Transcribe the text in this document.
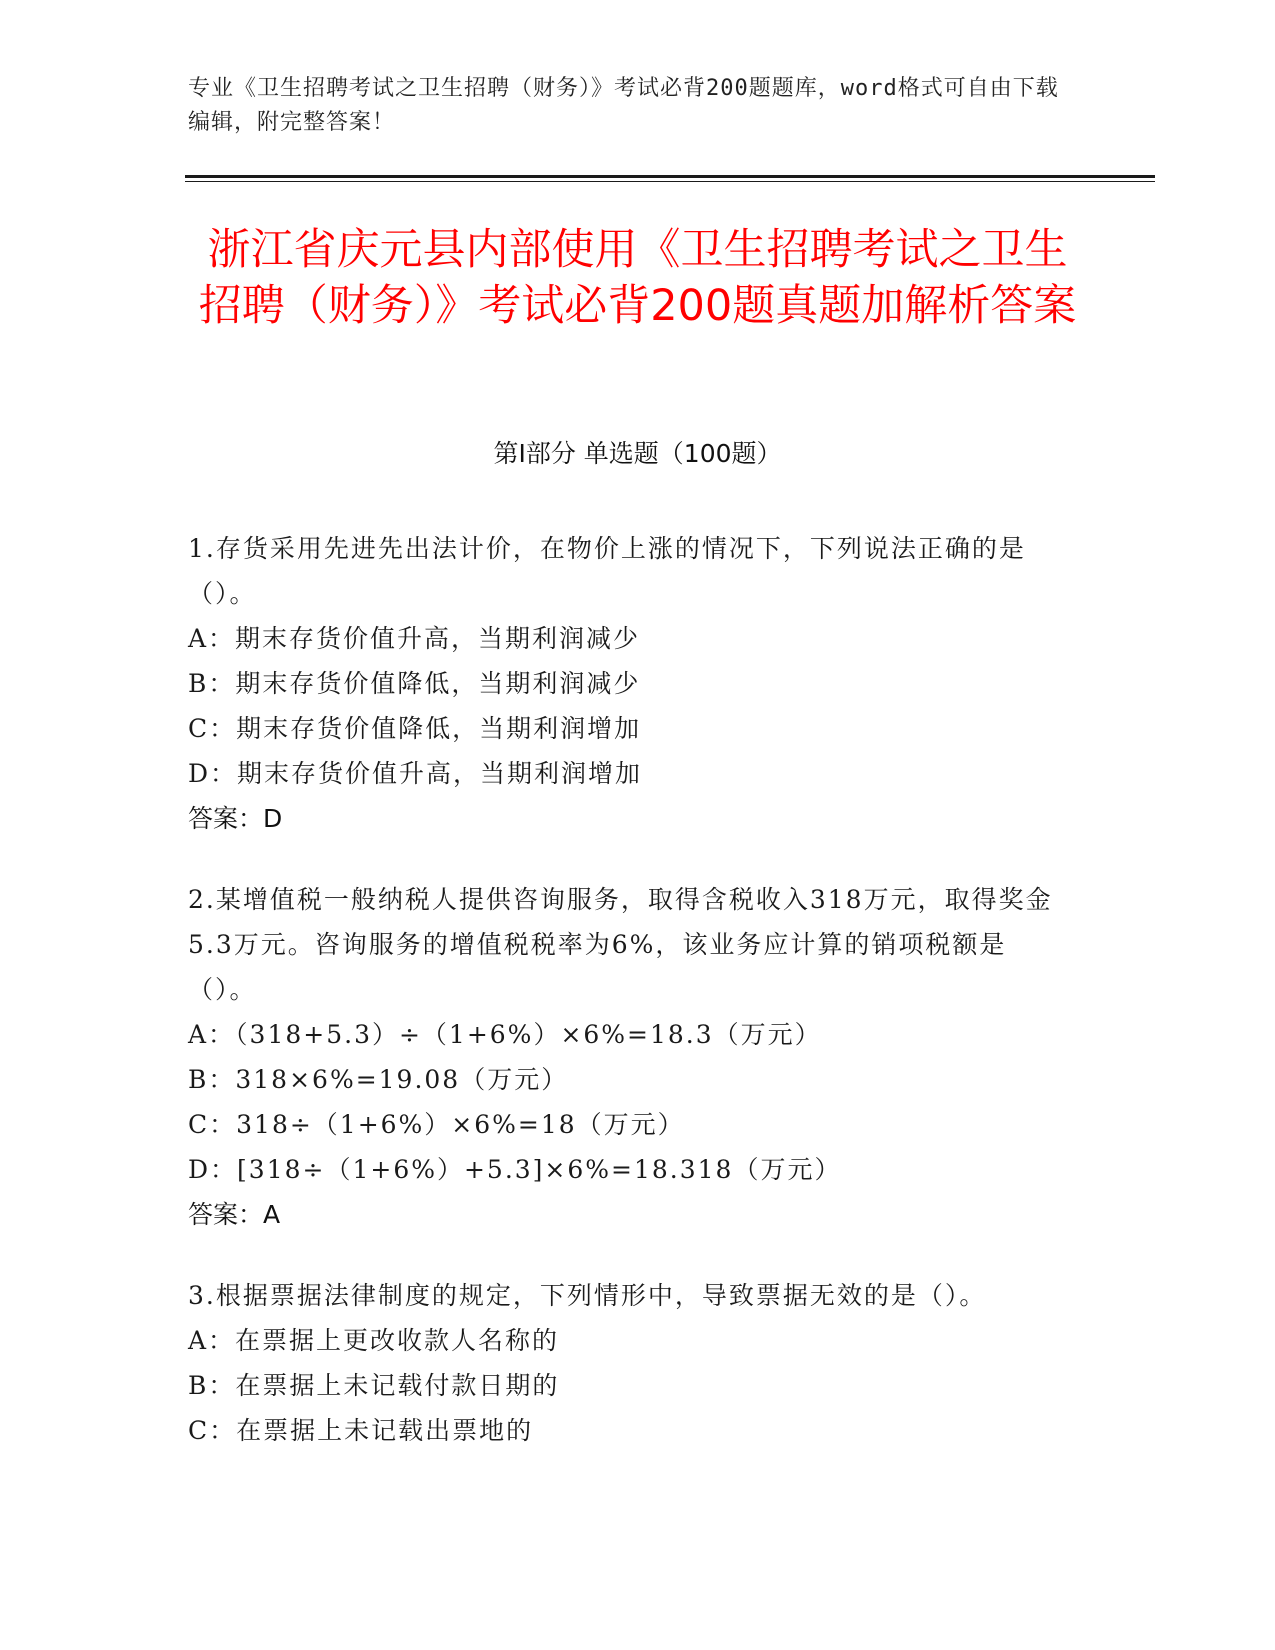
专业《卫生招聘考试之卫生招聘（财务）》考试必背200题题库，word格式可自由下载编辑，附完整答案！
浙江省庆元县内部使用《卫生招聘考试之卫生招聘（财务）》考试必背200题真题加解析答案
第Ⅰ部分 单选题（100题）
1.存货采用先进先出法计价，在物价上涨的情况下，下列说法正确的是（）。
A：期末存货价值升高，当期利润减少
B：期末存货价值降低，当期利润减少
C：期末存货价值降低，当期利润增加
D：期末存货价值升高，当期利润增加
答案：D
2.某增值税一般纳税人提供咨询服务，取得含税收入318万元，取得奖金5.3万元。咨询服务的增值税税率为6%，该业务应计算的销项税额是（）。
A：（318+5.3）÷（1+6%）×6%=18.3（万元）
B：318×6%=19.08（万元）
C：318÷（1+6%）×6%=18（万元）
D：[318÷（1+6%）+5.3]×6%=18.318（万元）
答案：A
3.根据票据法律制度的规定，下列情形中，导致票据无效的是（）。
A：在票据上更改收款人名称的
B：在票据上未记载付款日期的
C：在票据上未记载出票地的
